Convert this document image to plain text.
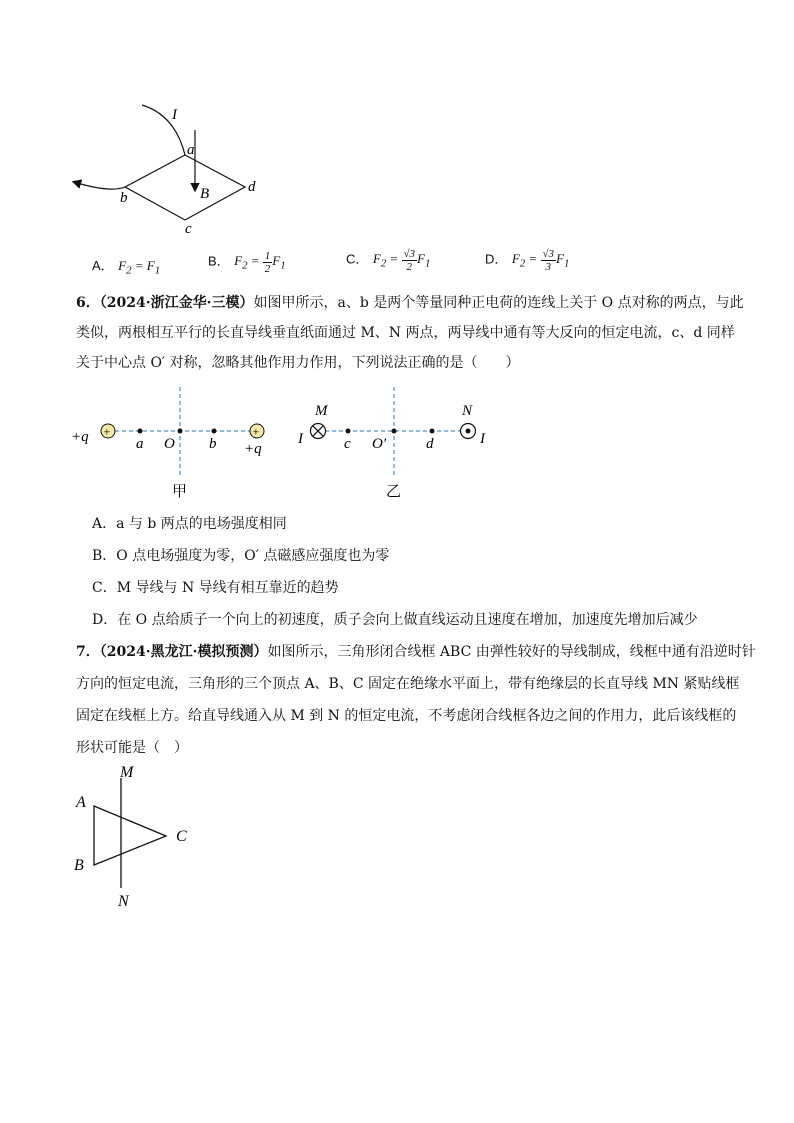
I
B
a
b
c
d
A． $F_2 = F_1$
B． $F_2 = \frac{1}{2} F_1$	C． $F_2 = \frac{√3}{2} F_1$	D． $F_2 = \frac{√3}{3} F_1$
6．（2024·浙江金华·三模）如图甲所示，a、b 是两个等量同种正电荷的连线上关于 O 点对称的两点，与此
类似，两根相互平行的长直导线垂直纸面通过 M、N 两点，两导线中通有等大反向的恒定电流，c、d 同样
关于中心点 O′ 对称，忽略其他作用力作用，下列说法正确的是（　　）
+	+
+q	a O b +q
甲
M	N
I	c O′	d	I
乙
A．a 与 b 两点的电场强度相同
B．O 点电场强度为零，O′ 点磁感应强度也为零
C．M 导线与 N 导线有相互靠近的趋势
D．在 O 点给质子一个向上的初速度，质子会向上做直线运动且速度在增加，加速度先增加后减少
7．（2024·黑龙江·模拟预测）如图所示，三角形闭合线框 ABC 由弹性较好的导线制成，线框中通有沿逆时针
方向的恒定电流，三角形的三个顶点 A、B、C 固定在绝缘水平面上，带有绝缘层的长直导线 MN 紧贴线框
固定在线框上方。给直导线通入从 M 到 N 的恒定电流，不考虑闭合线框各边之间的作用力，此后该线框的
形状可能是（　）
M
N
A
B
C
